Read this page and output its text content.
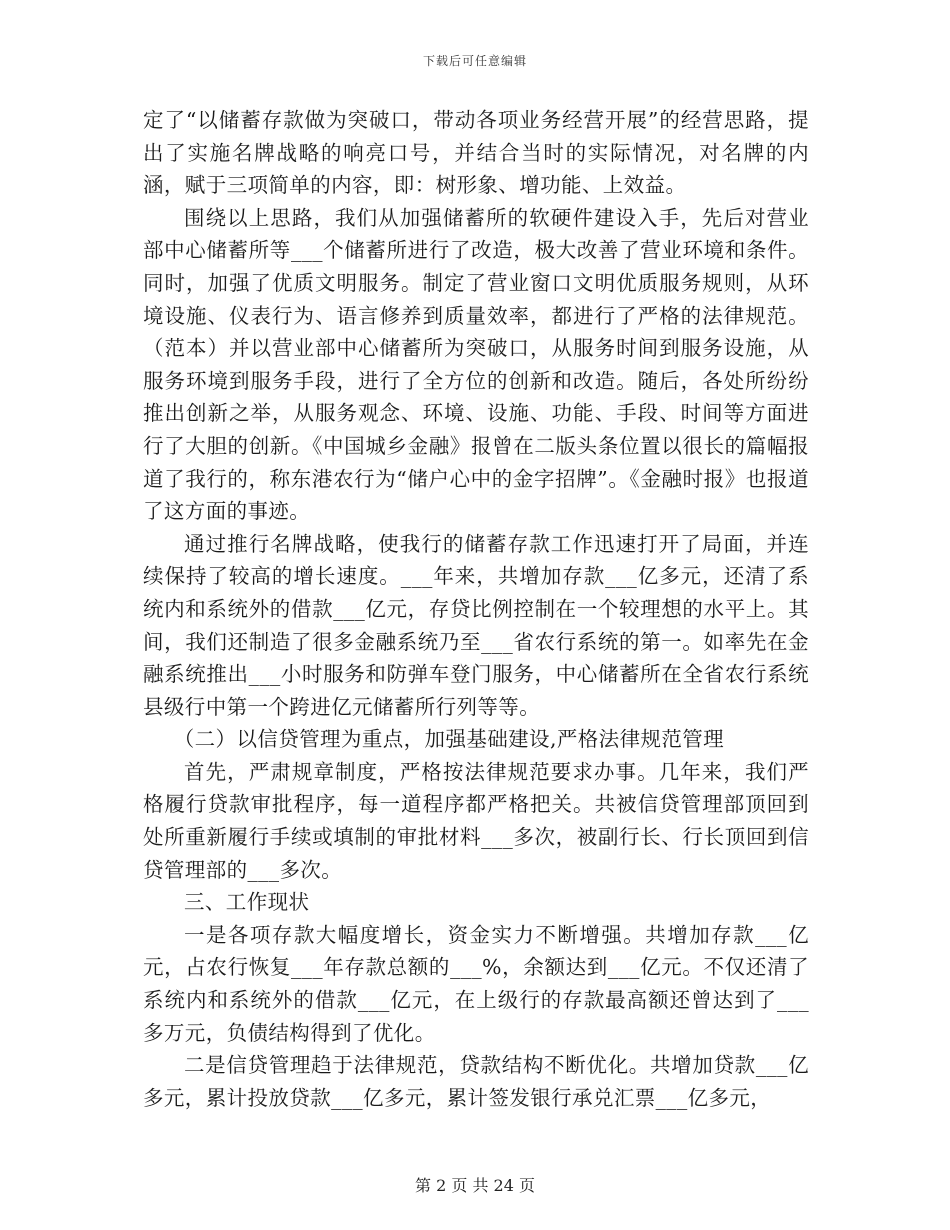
下载后可任意编辑

定了“以储蓄存款做为突破口，带动各项业务经营开展”的经营思路，提出了实施名牌战略的响亮口号，并结合当时的实际情况，对名牌的内涵，赋于三项简单的内容，即：树形象、增功能、上效益。

围绕以上思路，我们从加强储蓄所的软硬件建设入手，先后对营业部中心储蓄所等___个储蓄所进行了改造，极大改善了营业环境和条件。同时，加强了优质文明服务。制定了营业窗口文明优质服务规则，从环境设施、仪表行为、语言修养到质量效率，都进行了严格的法律规范。（范本）并以营业部中心储蓄所为突破口，从服务时间到服务设施，从服务环境到服务手段，进行了全方位的创新和改造。随后，各处所纷纷推出创新之举，从服务观念、环境、设施、功能、手段、时间等方面进行了大胆的创新。《中国城乡金融》报曾在二版头条位置以很长的篇幅报道了我行的，称东港农行为“储户心中的金字招牌”。《金融时报》也报道了这方面的事迹。

通过推行名牌战略，使我行的储蓄存款工作迅速打开了局面，并连续保持了较高的增长速度。___年来，共增加存款___亿多元，还清了系统内和系统外的借款___亿元，存贷比例控制在一个较理想的水平上。其间，我们还制造了很多金融系统乃至___省农行系统的第一。如率先在金融系统推出___小时服务和防弹车登门服务，中心储蓄所在全省农行系统县级行中第一个跨进亿元储蓄所行列等等。

（二）以信贷管理为重点，加强基础建设,严格法律规范管理

首先，严肃规章制度，严格按法律规范要求办事。几年来，我们严格履行贷款审批程序，每一道程序都严格把关。共被信贷管理部顶回到处所重新履行手续或填制的审批材料___多次，被副行长、行长顶回到信贷管理部的___多次。

三、工作现状

一是各项存款大幅度增长，资金实力不断增强。共增加存款___亿元，占农行恢复___年存款总额的___%，余额达到___亿元。不仅还清了系统内和系统外的借款___亿元，在上级行的存款最高额还曾达到了___多万元，负债结构得到了优化。

二是信贷管理趋于法律规范，贷款结构不断优化。共增加贷款___亿多元，累计投放贷款___亿多元，累计签发银行承兑汇票___亿多元，

第 2 页 共 24 页
